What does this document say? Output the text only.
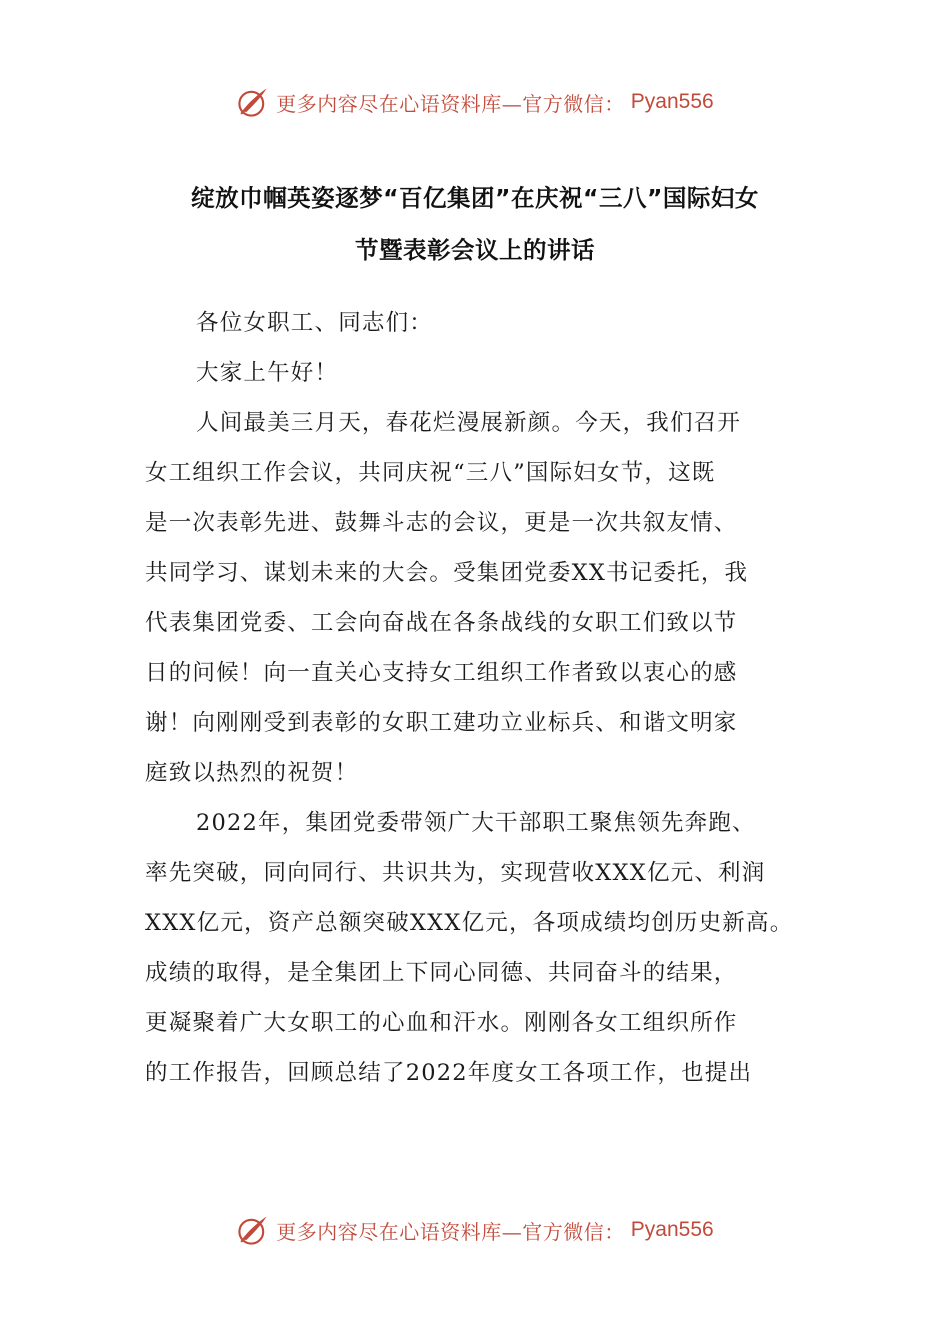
更多内容尽在心语资料库—官方微信： Pyan556
绽放巾帼英姿逐梦“百亿集团”在庆祝“三八”国际妇女
节暨表彰会议上的讲话
各位女职工、同志们：
大家上午好！
人间最美三月天，春花烂漫展新颜。今天，我们召开
女工组织工作会议，共同庆祝“三八”国际妇女节，这既
是一次表彰先进、鼓舞斗志的会议，更是一次共叙友情、
共同学习、谋划未来的大会。受集团党委XX书记委托，我
代表集团党委、工会向奋战在各条战线的女职工们致以节
日的问候！向一直关心支持女工组织工作者致以衷心的感
谢！向刚刚受到表彰的女职工建功立业标兵、和谐文明家
庭致以热烈的祝贺！
2022年，集团党委带领广大干部职工聚焦领先奔跑、
率先突破，同向同行、共识共为，实现营收XXX亿元、利润
XXX亿元，资产总额突破XXX亿元，各项成绩均创历史新高。
成绩的取得，是全集团上下同心同德、共同奋斗的结果，
更凝聚着广大女职工的心血和汗水。刚刚各女工组织所作
的工作报告，回顾总结了2022年度女工各项工作，也提出
更多内容尽在心语资料库—官方微信： Pyan556
